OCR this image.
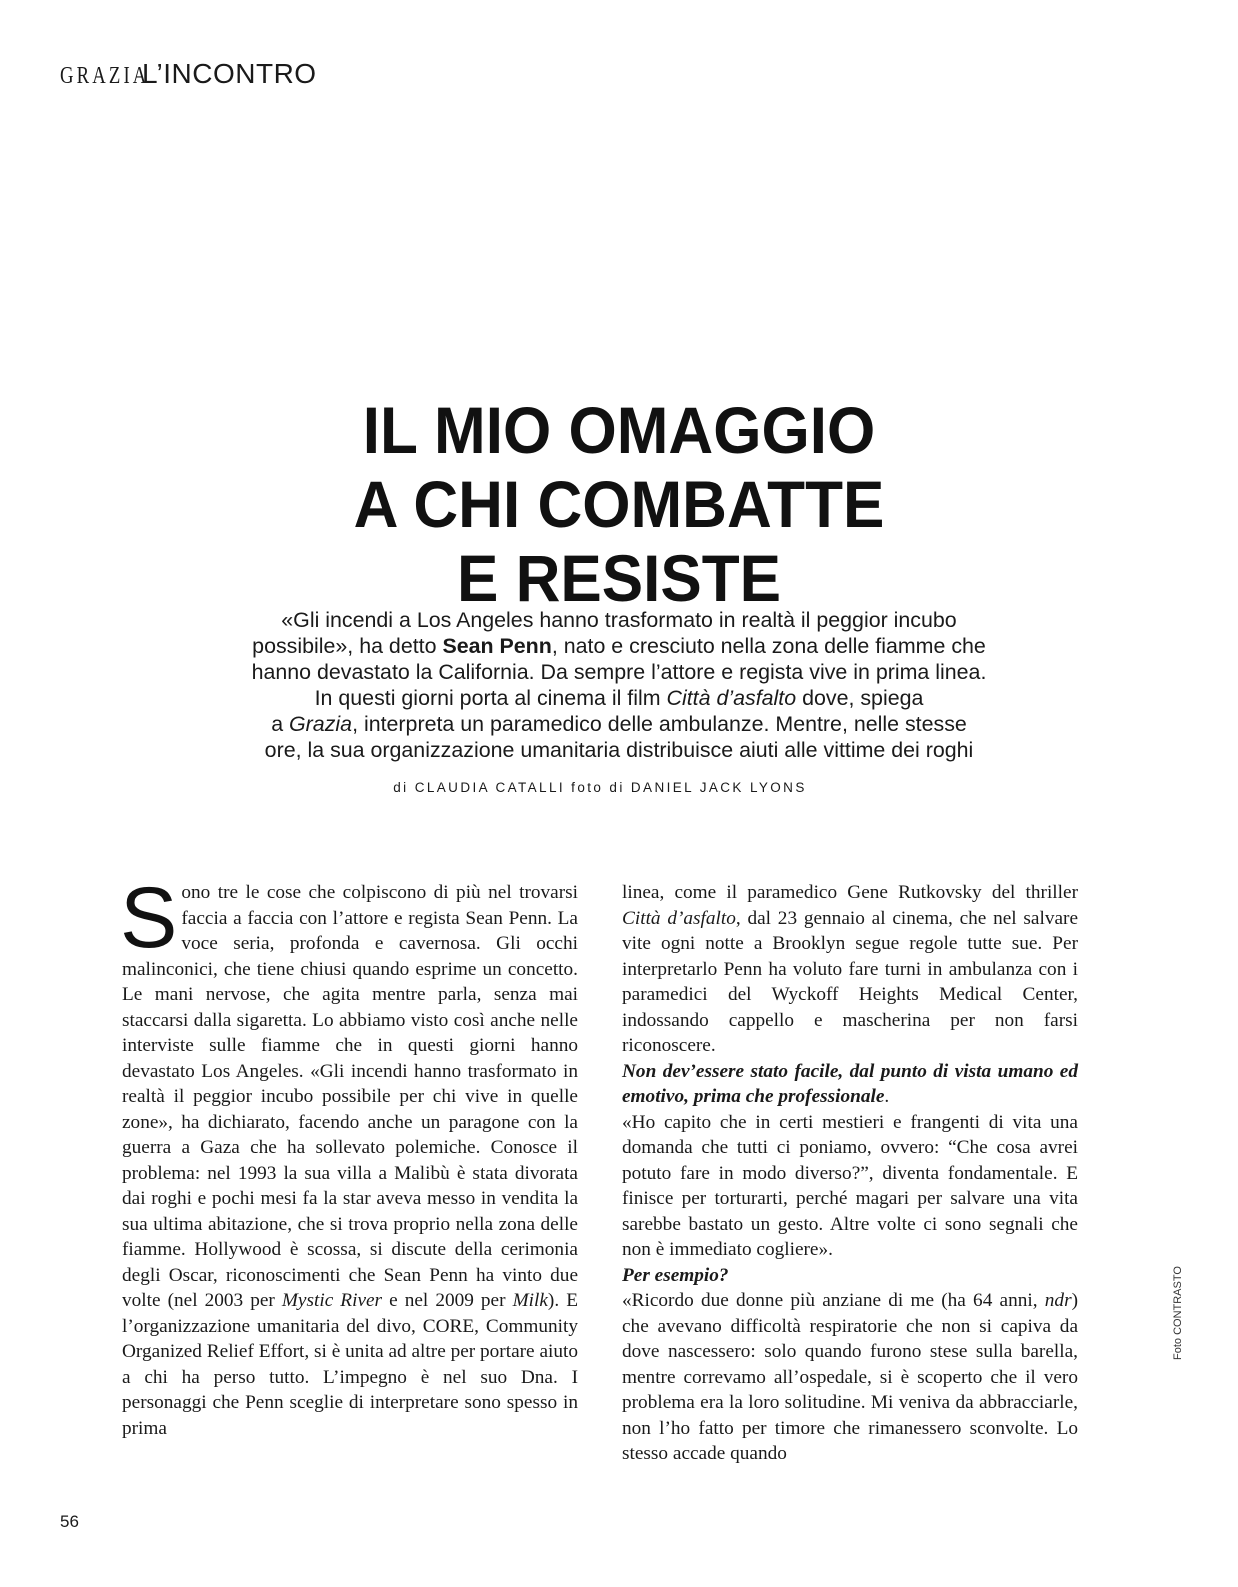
GRAZIA
L’INCONTRO
IL MIO OMAGGIO
A CHI COMBATTE
E RESISTE
«Gli incendi a Los Angeles hanno trasformato in realtà il peggior incubo
possibile», ha detto Sean Penn, nato e cresciuto nella zona delle fiamme che
hanno devastato la California. Da sempre l’attore e regista vive in prima linea.
In questi giorni porta al cinema il film Città d’asfalto dove, spiega
a Grazia, interpreta un paramedico delle ambulanze. Mentre, nelle stesse
ore, la sua organizzazione umanitaria distribuisce aiuti alle vittime dei roghi
di CLAUDIA CATALLI foto di DANIEL JACK LYONS

Sono tre le cose che colpiscono di più nel trovarsi faccia a faccia con l’attore e regista Sean Penn. La voce seria, profonda e cavernosa. Gli occhi malinconici, che tiene chiusi quando esprime un concetto. Le mani nervose, che agita mentre parla, senza mai staccarsi dalla sigaretta. Lo abbiamo visto così anche nelle interviste sulle fiamme che in questi giorni hanno devastato Los Angeles. «Gli incendi hanno trasformato in realtà il peggior incubo possibile per chi vive in quelle zone», ha dichiarato, facendo anche un paragone con la guerra a Gaza che ha sollevato polemiche. Conosce il problema: nel 1993 la sua villa a Malibù è stata divorata dai roghi e pochi mesi fa la star aveva messo in vendita la sua ultima abitazione, che si trova proprio nella zona delle fiamme. Hollywood è scossa, si discute della cerimonia degli Oscar, riconoscimenti che Sean Penn ha vinto due volte (nel 2003 per Mystic River e nel 2009 per Milk). E l’organizzazione umanitaria del divo, CORE, Community Organized Relief Effort, si è unita ad altre per portare aiuto a chi ha perso tutto. L’impegno è nel suo Dna. I personaggi che Penn sceglie di interpretare sono spesso in prima

linea, come il paramedico Gene Rutkovsky del thriller Città d’asfalto, dal 23 gennaio al cinema, che nel salvare vite ogni notte a Brooklyn segue regole tutte sue. Per interpretarlo Penn ha voluto fare turni in ambulanza con i paramedici del Wyckoff Heights Medical Center, indossando cappello e mascherina per non farsi riconoscere.

Non dev’essere stato facile, dal punto di vista umano ed emotivo, prima che professionale.

«Ho capito che in certi mestieri e frangenti di vita una domanda che tutti ci poniamo, ovvero: “Che cosa avrei potuto fare in modo diverso?”, diventa fondamentale. E finisce per torturarti, perché magari per salvare una vita sarebbe bastato un gesto. Altre volte ci sono segnali che non è immediato cogliere».

Per esempio?

«Ricordo due donne più anziane di me (ha 64 anni, ndr) che avevano difficoltà respiratorie che non si capiva da dove nascessero: solo quando furono stese sulla barella, mentre correvamo all’ospedale, si è scoperto che il vero problema era la loro solitudine. Mi veniva da abbracciarle, non l’ho fatto per timore che rimanessero sconvolte. Lo stesso accade quando

Foto CONTRASTO
56
